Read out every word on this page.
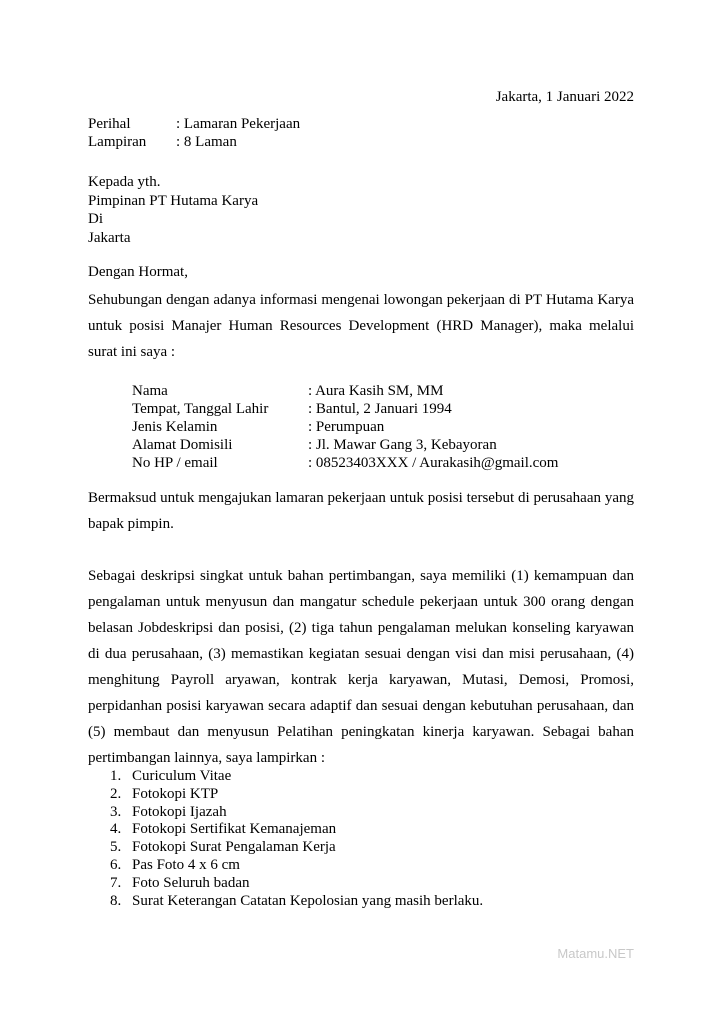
Jakarta, 1 Januari 2022
Perihal	: Lamaran Pekerjaan
Lampiran	: 8 Laman
Kepada yth.
Pimpinan PT Hutama Karya
Di
Jakarta
Dengan Hormat,
Sehubungan dengan adanya informasi mengenai lowongan pekerjaan di PT Hutama Karya untuk posisi Manajer Human Resources Development (HRD Manager), maka melalui surat ini saya :
Nama	: Aura Kasih SM, MM
Tempat, Tanggal Lahir	: Bantul, 2 Januari 1994
Jenis Kelamin	: Perumpuan
Alamat Domisili	: Jl. Mawar Gang 3, Kebayoran
No HP / email	: 08523403XXX / Aurakasih@gmail.com
Bermaksud untuk mengajukan lamaran pekerjaan untuk posisi tersebut di perusahaan yang bapak pimpin.
Sebagai deskripsi singkat untuk bahan pertimbangan, saya memiliki (1) kemampuan dan pengalaman untuk menyusun dan mangatur schedule pekerjaan untuk 300 orang dengan belasan Jobdeskripsi dan posisi, (2) tiga tahun pengalaman melukan konseling karyawan di dua perusahaan, (3) memastikan kegiatan sesuai dengan visi dan misi perusahaan, (4) menghitung Payroll aryawan, kontrak kerja karyawan, Mutasi, Demosi, Promosi, perpidanhan posisi karyawan secara adaptif dan sesuai dengan kebutuhan perusahaan, dan (5) membaut dan menyusun Pelatihan peningkatan kinerja karyawan. Sebagai bahan pertimbangan lainnya, saya lampirkan :
1. Curiculum Vitae
2. Fotokopi KTP
3. Fotokopi Ijazah
4. Fotokopi Sertifikat Kemanajeman
5. Fotokopi Surat Pengalaman Kerja
6. Pas Foto 4 x 6 cm
7. Foto Seluruh badan
8. Surat Keterangan Catatan Kepolosian yang masih berlaku.
Matamu.NET
